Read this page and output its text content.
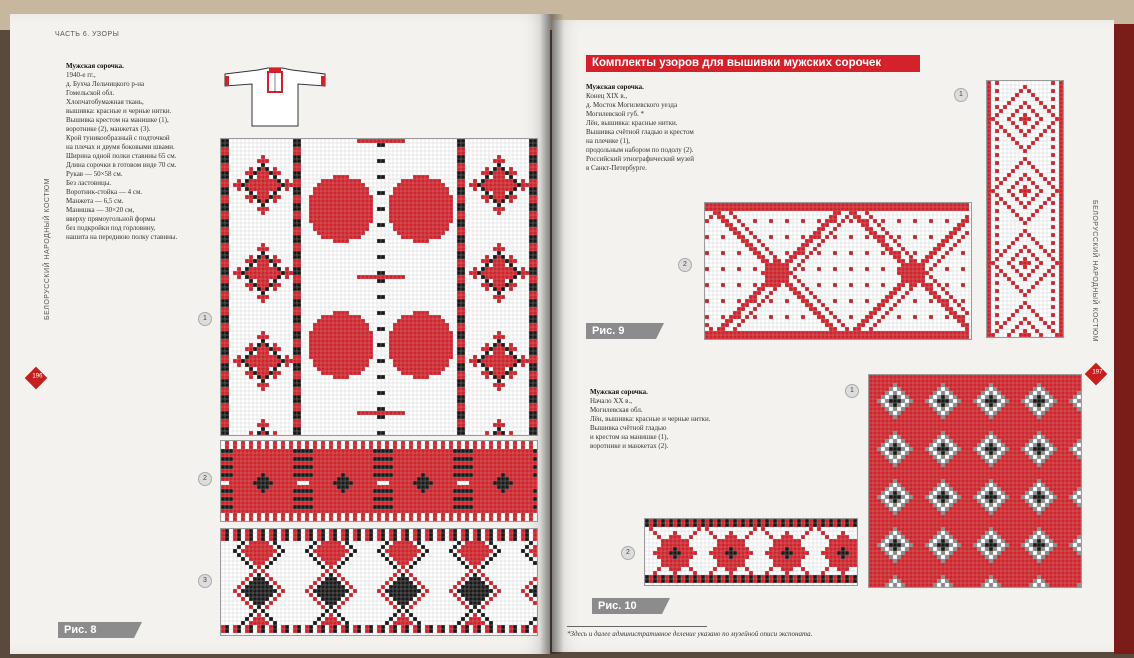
ЧАСТЬ 6. УЗОРЫ
БЕЛОРУССКИЙ НАРОДНЫЙ КОСТЮМ
196
Мужская сорочка.
1940-е гг.,
д. Бухча Лельчицкого р-на
Гомельской обл.
Хлопчатобумажная ткань,
вышивка: красные и черные нитки.
Вышивка крестом на манишке (1),
воротнике (2), манжетах (3).
Крой туникообразный с подточкой
на плечах и двумя боковыми швами.
Ширина одной полки ставины 65 см.
Длина сорочки в готовом виде 70 см.
Рукав — 50×58 см.
Без ластовицы.
Воротник-стойка — 4 см.
Манжета — 6,5 см.
Манишка — 30×20 см,
вверху прямоугольной формы
без подкройки под горловину,
нашита на переднюю полку ставины.
1
2
3
Рис. 8
БЕЛОРУССКИЙ НАРОДНЫЙ КОСТЮМ
197
Комплекты узоров для вышивки мужских сорочек
Мужская сорочка.
Конец XIX в.,
д. Мосток Могилевского уезда
Могилевской губ. *
Лён, вышивка: красные нитки.
Вышивка счётной гладью и крестом
на плечике (1),
продольным набором по подолу (2).
Российский этнографический музей
в Санкт-Петербурге.
1
2
Рис. 9
Мужская сорочка.
Начало XX в.,
Могилевская обл.
Лён, вышивка: красные и черные нитки.
Вышивка счётной гладью
и крестом на манишке (1),
воротнике и манжетах (2).
1
2
Рис. 10
*Здесь и далее административное деление указано по музейной описи экспоната.
